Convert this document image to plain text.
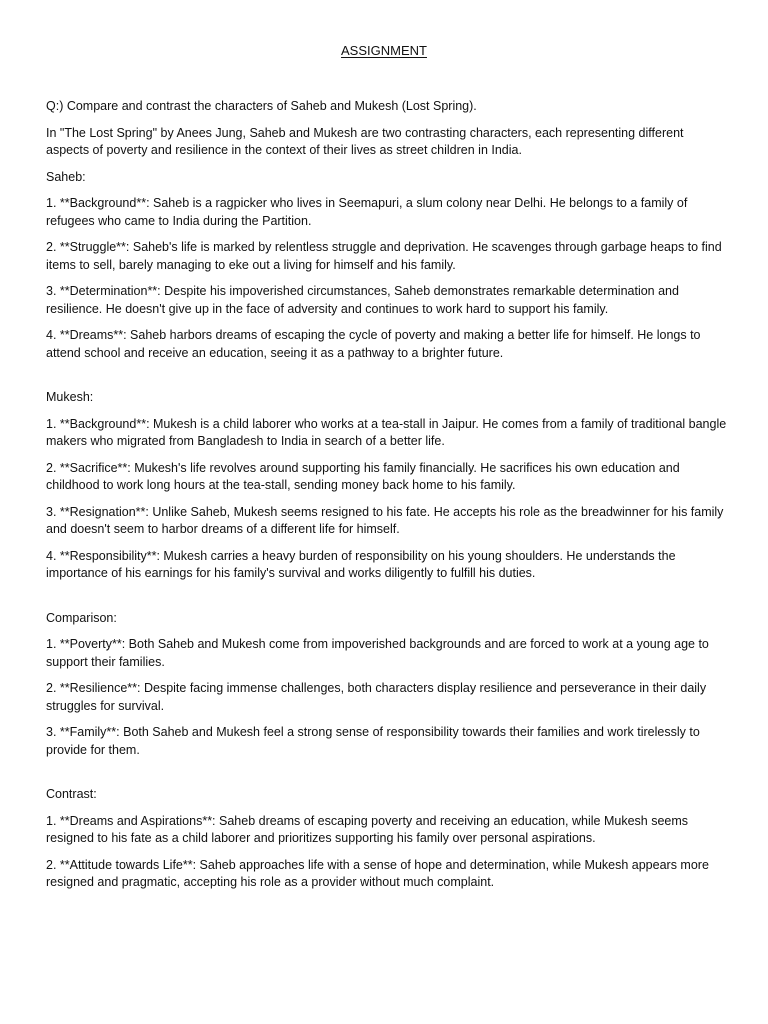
ASSIGNMENT

Q:) Compare and contrast the characters of Saheb and Mukesh (Lost Spring).

In "The Lost Spring" by Anees Jung, Saheb and Mukesh are two contrasting characters, each representing different aspects of poverty and resilience in the context of their lives as street children in India.

Saheb:

1. **Background**: Saheb is a ragpicker who lives in Seemapuri, a slum colony near Delhi. He belongs to a family of refugees who came to India during the Partition.

2. **Struggle**: Saheb's life is marked by relentless struggle and deprivation. He scavenges through garbage heaps to find items to sell, barely managing to eke out a living for himself and his family.

3. **Determination**: Despite his impoverished circumstances, Saheb demonstrates remarkable determination and resilience. He doesn't give up in the face of adversity and continues to work hard to support his family.

4. **Dreams**: Saheb harbors dreams of escaping the cycle of poverty and making a better life for himself. He longs to attend school and receive an education, seeing it as a pathway to a brighter future.

Mukesh:

1. **Background**: Mukesh is a child laborer who works at a tea-stall in Jaipur. He comes from a family of traditional bangle makers who migrated from Bangladesh to India in search of a better life.

2. **Sacrifice**: Mukesh's life revolves around supporting his family financially. He sacrifices his own education and childhood to work long hours at the tea-stall, sending money back home to his family.

3. **Resignation**: Unlike Saheb, Mukesh seems resigned to his fate. He accepts his role as the breadwinner for his family and doesn't seem to harbor dreams of a different life for himself.

4. **Responsibility**: Mukesh carries a heavy burden of responsibility on his young shoulders. He understands the importance of his earnings for his family's survival and works diligently to fulfill his duties.

Comparison:

1. **Poverty**: Both Saheb and Mukesh come from impoverished backgrounds and are forced to work at a young age to support their families.

2. **Resilience**: Despite facing immense challenges, both characters display resilience and perseverance in their daily struggles for survival.

3. **Family**: Both Saheb and Mukesh feel a strong sense of responsibility towards their families and work tirelessly to provide for them.

Contrast:

1. **Dreams and Aspirations**: Saheb dreams of escaping poverty and receiving an education, while Mukesh seems resigned to his fate as a child laborer and prioritizes supporting his family over personal aspirations.

2. **Attitude towards Life**: Saheb approaches life with a sense of hope and determination, while Mukesh appears more resigned and pragmatic, accepting his role as a provider without much complaint.
